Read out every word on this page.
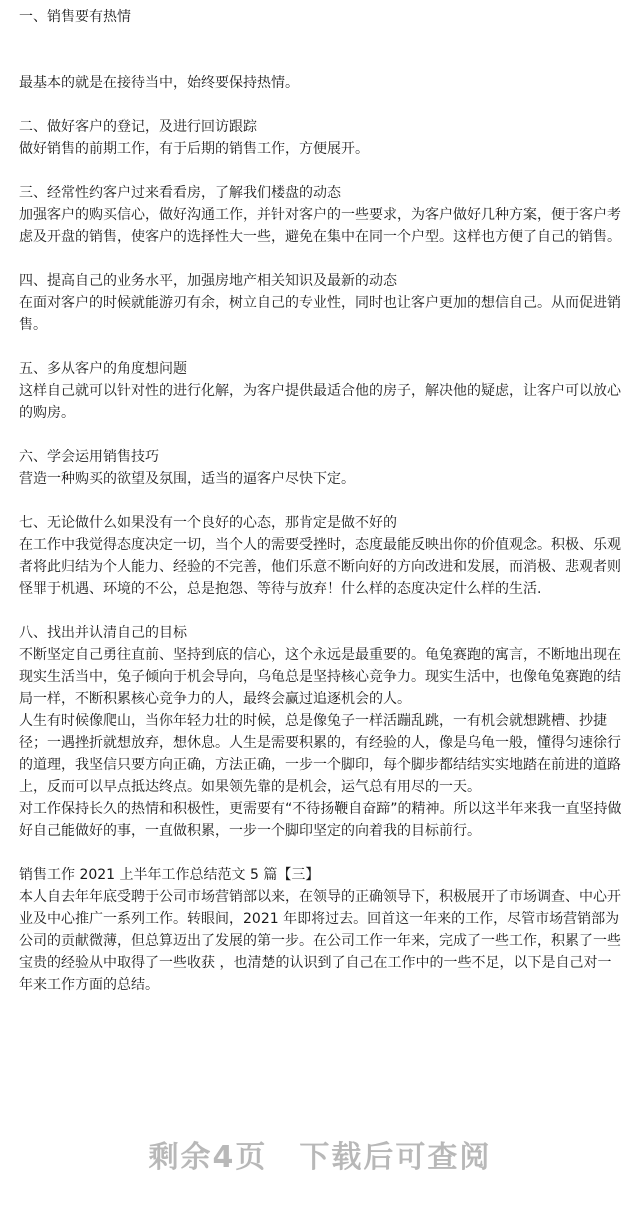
一、销售要有热情

最基本的就是在接待当中，始终要保持热情。

二、做好客户的登记，及进行回访跟踪

做好销售的前期工作，有于后期的销售工作，方便展开。

三、经常性约客户过来看看房，了解我们楼盘的动态

加强客户的购买信心，做好沟通工作，并针对客户的一些要求，为客户做好几种方案，便于客户考虑及开盘的销售，使客户的选择性大一些，避免在集中在同一个户型。这样也方便了自己的销售。

四、提高自己的业务水平，加强房地产相关知识及最新的动态

在面对客户的时候就能游刃有余，树立自己的专业性，同时也让客户更加的想信自己。从而促进销售。

五、多从客户的角度想问题

这样自己就可以针对性的进行化解，为客户提供最适合他的房子，解决他的疑虑，让客户可以放心的购房。

六、学会运用销售技巧

营造一种购买的欲望及氛围，适当的逼客户尽快下定。

七、无论做什么如果没有一个良好的心态，那肯定是做不好的

在工作中我觉得态度决定一切，当个人的需要受挫时，态度最能反映出你的价值观念。积极、乐观者将此归结为个人能力、经验的不完善，他们乐意不断向好的方向改进和发展，而消极、悲观者则怪罪于机遇、环境的不公，总是抱怨、等待与放弃！什么样的态度决定什么样的生活.

八、找出并认清自己的目标

不断坚定自己勇往直前、坚持到底的信心，这个永远是最重要的。龟兔赛跑的寓言，不断地出现在现实生活当中，兔子倾向于机会导向，乌龟总是坚持核心竞争力。现实生活中，也像龟兔赛跑的结局一样，不断积累核心竞争力的人，最终会赢过追逐机会的人。

人生有时候像爬山，当你年轻力壮的时候，总是像兔子一样活蹦乱跳，一有机会就想跳槽、抄捷径；一遇挫折就想放弃，想休息。人生是需要积累的，有经验的人，像是乌龟一般，懂得匀速徐行的道理，我坚信只要方向正确，方法正确，一步一个脚印，每个脚步都结结实实地踏在前进的道路上，反而可以早点抵达终点。如果领先靠的是机会，运气总有用尽的一天。

对工作保持长久的热情和积极性，更需要有“不待扬鞭自奋蹄”的精神。所以这半年来我一直坚持做好自己能做好的事，一直做积累，一步一个脚印坚定的向着我的目标前行。

销售工作 2021 上半年工作总结范文 5 篇【三】

本人自去年年底受聘于公司市场营销部以来，在领导的正确领导下，积极展开了市场调查、中心开业及中心推广一系列工作。转眼间，2021 年即将过去。回首这一年来的工作，尽管市场营销部为公司的贡献微薄，但总算迈出了发展的第一步。在公司工作一年来，完成了一些工作，积累了一些宝贵的经验从中取得了一些收获 ，也清楚的认识到了自己在工作中的一些不足，以下是自己对一年来工作方面的总结。

剩余4页　下载后可查阅
